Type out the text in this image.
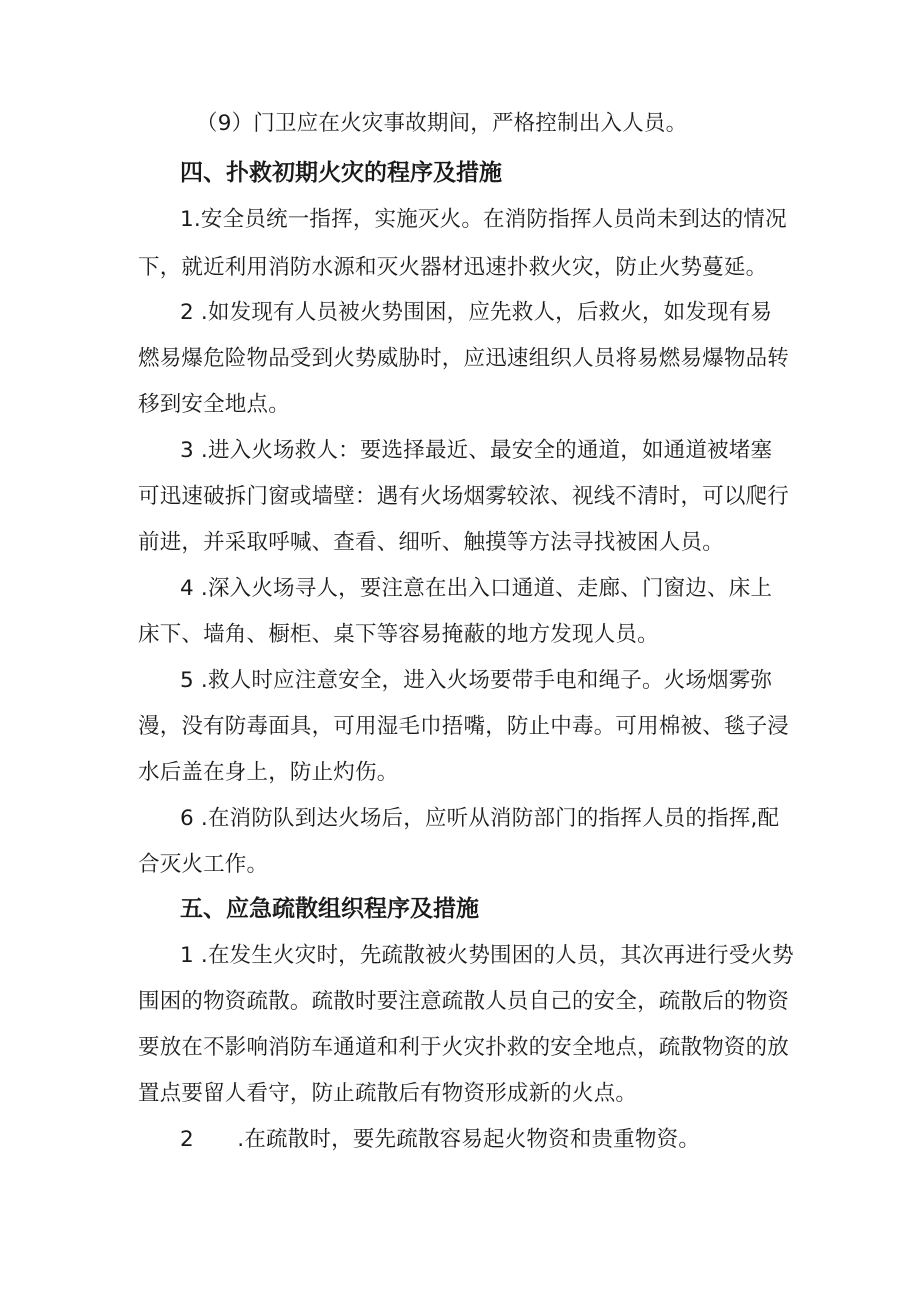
（9）门卫应在火灾事故期间，严格控制出入人员。
四、扑救初期火灾的程序及措施
1.安全员统一指挥，实施灭火。在消防指挥人员尚未到达的情况
下，就近利用消防水源和灭火器材迅速扑救火灾，防止火势蔓延。
2 .如发现有人员被火势围困，应先救人，后救火，如发现有易
燃易爆危险物品受到火势威胁时，应迅速组织人员将易燃易爆物品转
移到安全地点。
3 .进入火场救人：要选择最近、最安全的通道，如通道被堵塞
可迅速破拆门窗或墙壁：遇有火场烟雾较浓、视线不清时，可以爬行
前进，并采取呼喊、查看、细听、触摸等方法寻找被困人员。
4 .深入火场寻人，要注意在出入口通道、走廊、门窗边、床上
床下、墙角、橱柜、桌下等容易掩蔽的地方发现人员。
5 .救人时应注意安全，进入火场要带手电和绳子。火场烟雾弥
漫，没有防毒面具，可用湿毛巾捂嘴，防止中毒。可用棉被、毯子浸
水后盖在身上，防止灼伤。
6 .在消防队到达火场后，应听从消防部门的指挥人员的指挥,配
合灭火工作。
五、应急疏散组织程序及措施
1 .在发生火灾时，先疏散被火势围困的人员，其次再进行受火势
围困的物资疏散。疏散时要注意疏散人员自己的安全，疏散后的物资
要放在不影响消防车通道和利于火灾扑救的安全地点，疏散物资的放
置点要留人看守，防止疏散后有物资形成新的火点。
2　　.在疏散时，要先疏散容易起火物资和贵重物资。
